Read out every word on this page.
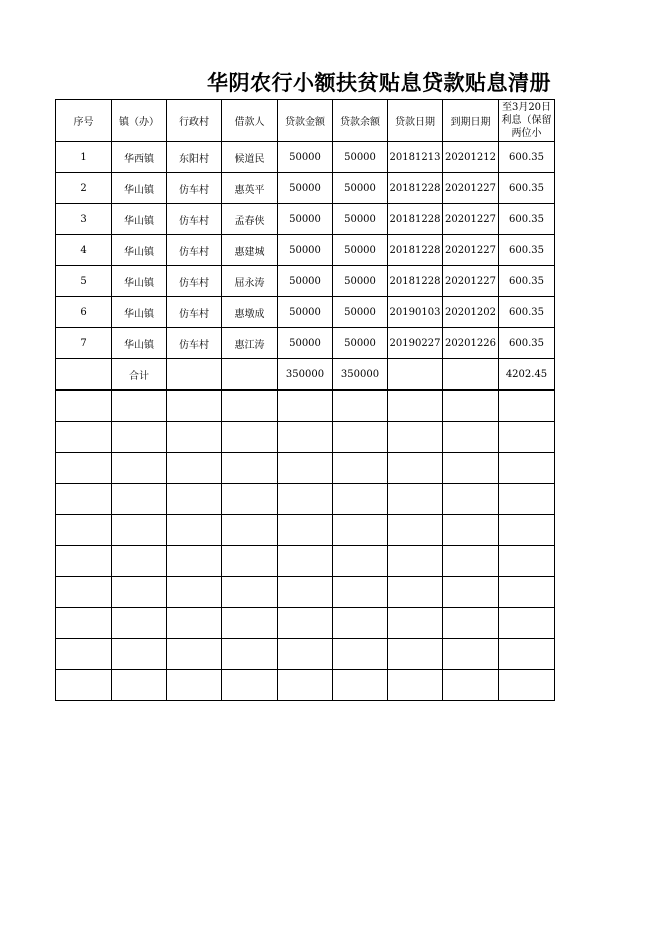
华阴农行小额扶贫贴息贷款贴息清册
序号	镇（办）	行政村	借款人	贷款金额	贷款余额	贷款日期	到期日期	至3月20日利息（保留两位小
1	华西镇	东阳村	候道民	50000	50000	20181213	20201212	600.35
2	华山镇	仿车村	惠英平	50000	50000	20181228	20201227	600.35
3	华山镇	仿车村	孟春侠	50000	50000	20181228	20201227	600.35
4	华山镇	仿车村	惠建城	50000	50000	20181228	20201227	600.35
5	华山镇	仿车村	屈永涛	50000	50000	20181228	20201227	600.35
6	华山镇	仿车村	惠墩成	50000	50000	20190103	20201202	600.35
7	华山镇	仿车村	惠江涛	50000	50000	20190227	20201226	600.35
	合计			350000	350000			4202.45
